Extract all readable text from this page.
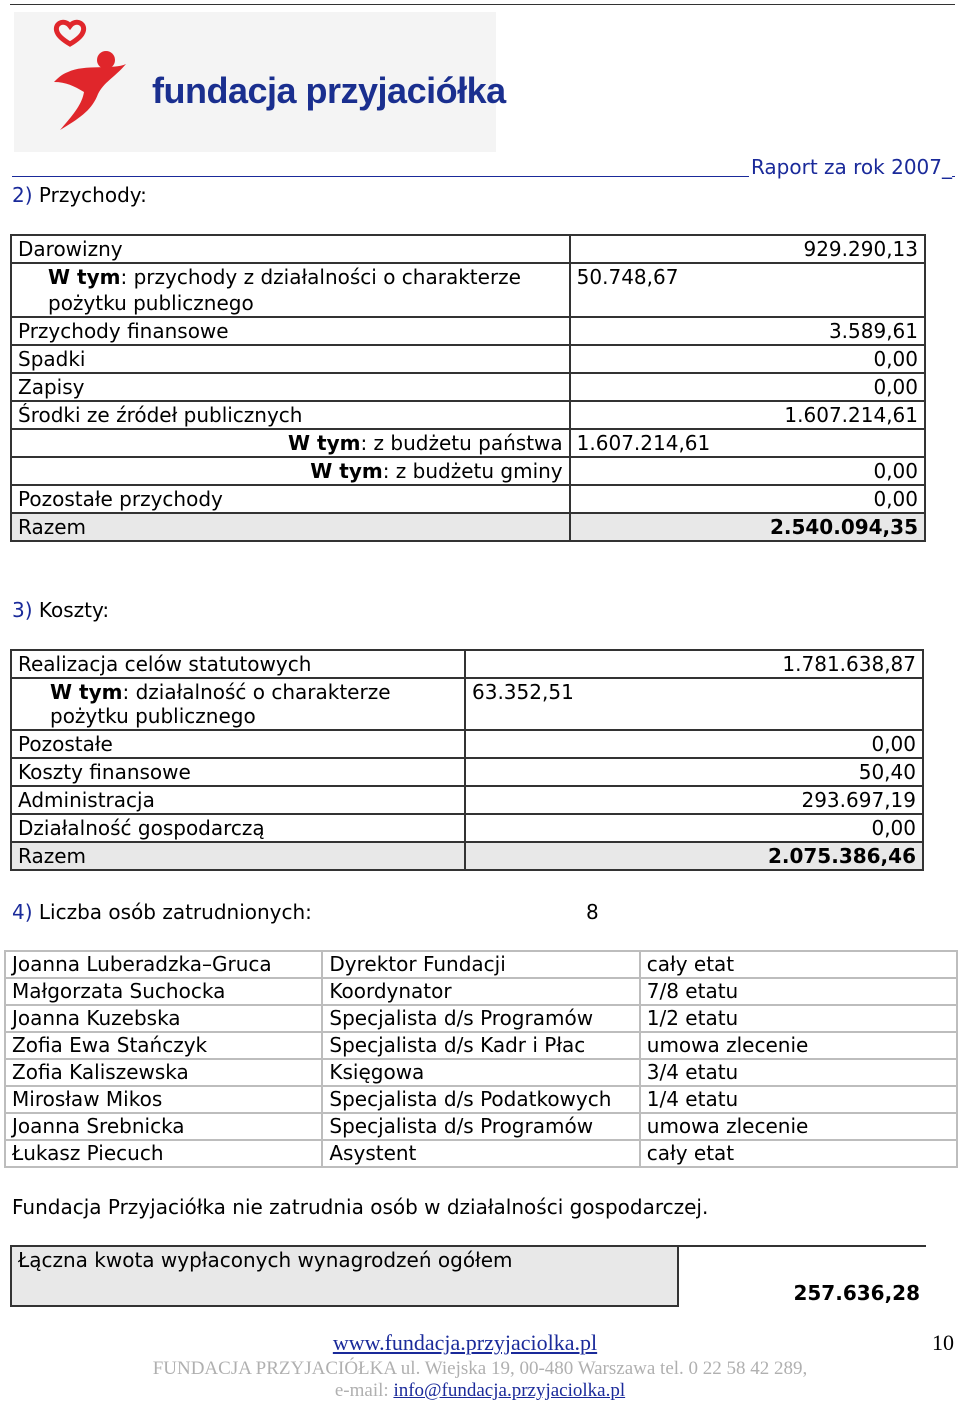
fundacja przyjaciółka
Raport za rok 2007_
2) Przychody:
Darowizny	929.290,13

W tym: przychody z działalności o charakterze pożytku publicznego	50.748,67
Przychody finansowe	3.589,61
Spadki	0,00
Zapisy	0,00
Środki ze źródeł publicznych	1.607.214,61
W tym: z budżetu państwa	1.607.214,61
W tym: z budżetu gminy	0,00
Pozostałe przychody	0,00
Razem	2.540.094,35
3) Koszty:
Realizacja celów statutowych	1.781.638,87

W tym: działalność o charakterze pożytku publicznego	63.352,51
Pozostałe	0,00
Koszty finansowe	50,40
Administracja	293.697,19
Działalność gospodarczą	0,00
Razem	2.075.386,46
4) Liczba osób zatrudnionych:	8
Joanna Luberadzka–Gruca	Dyrektor Fundacji	cały etat
Małgorzata Suchocka	Koordynator	7/8 etatu
Joanna Kuzebska	Specjalista d/s Programów	1/2 etatu
Zofia Ewa Stańczyk	Specjalista d/s Kadr i Płac	umowa zlecenie
Zofia Kaliszewska	Księgowa	3/4 etatu
Mirosław Mikos	Specjalista d/s Podatkowych	1/4 etatu
Joanna Srebnicka	Specjalista d/s Programów	umowa zlecenie
Łukasz Piecuch	Asystent	cały etat
Fundacja Przyjaciółka nie zatrudnia osób w działalności gospodarczej.
Łączna kwota wypłaconych wynagrodzeń ogółem	257.636,28
www.fundacja.przyjaciolka.pl
FUNDACJA PRZYJACIÓŁKA ul. Wiejska 19, 00-480 Warszawa tel. 0 22 58 42 289,
e-mail: info@fundacja.przyjaciolka.pl
10
